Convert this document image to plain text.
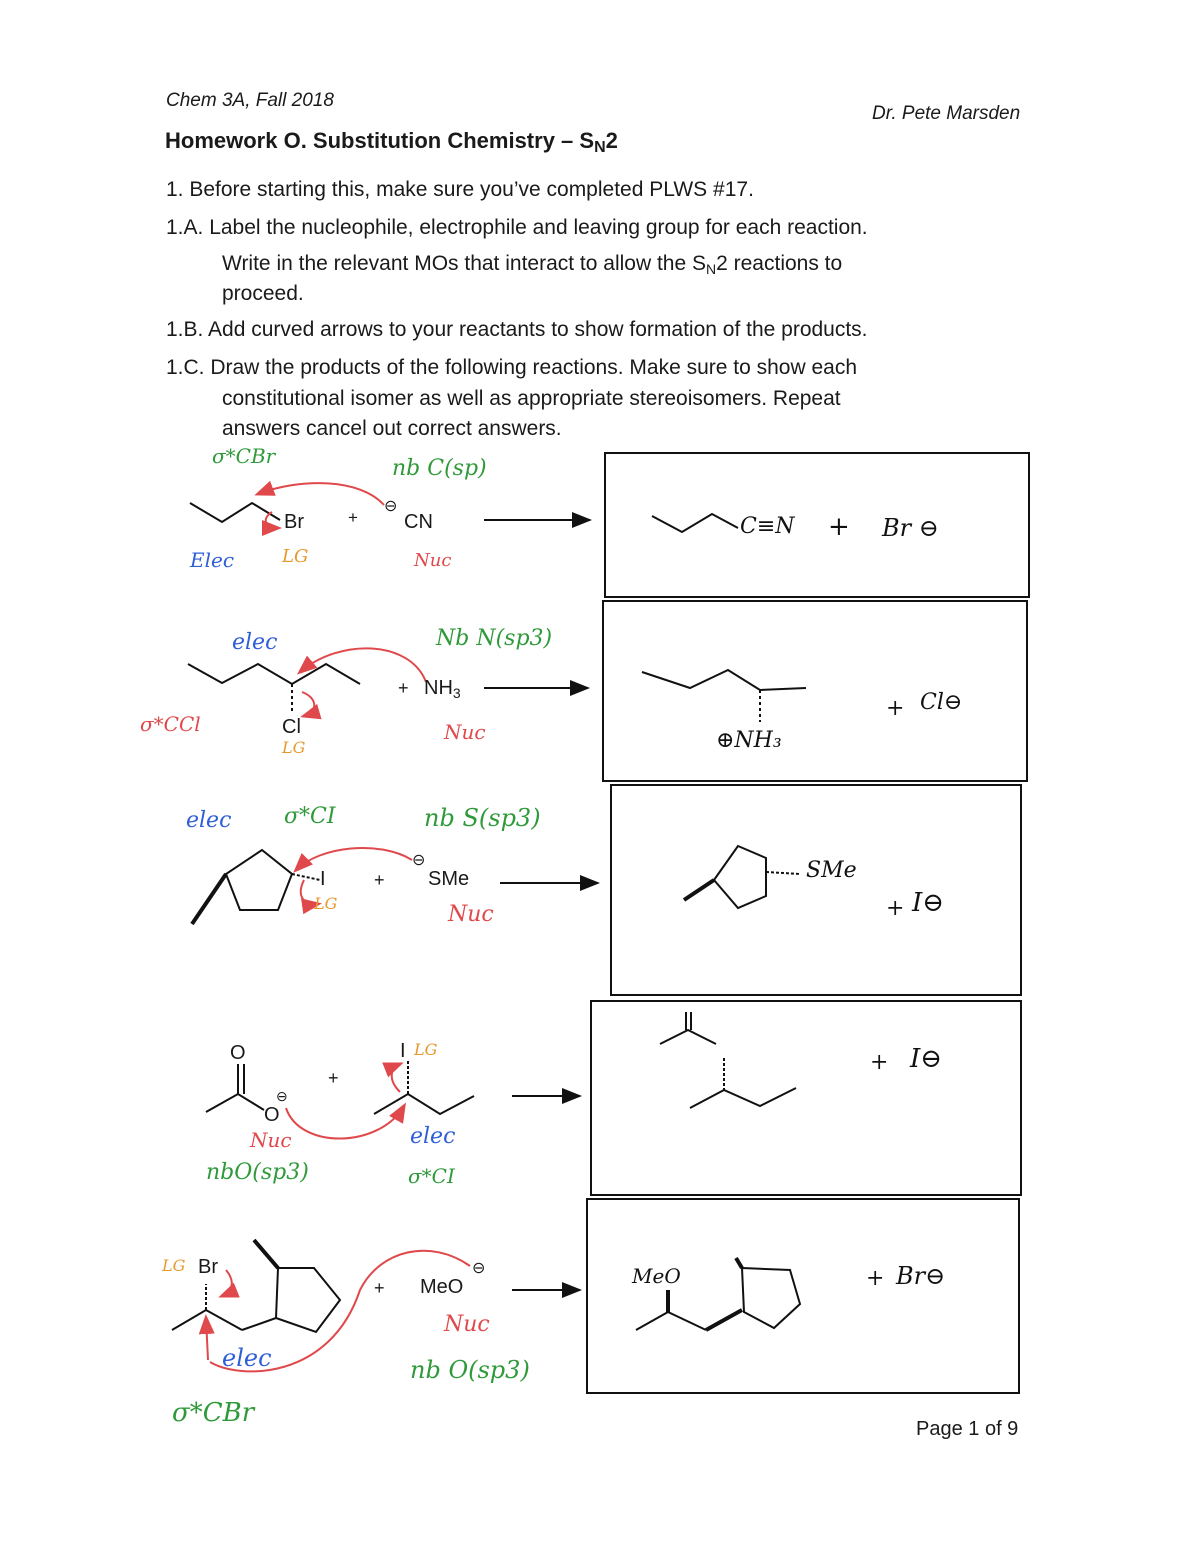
Chem 3A, Fall 2018
Dr. Pete Marsden
Homework O. Substitution Chemistry – $S_N2$
1. Before starting this, make sure you’ve completed PLWS #17.
1.A. Label the nucleophile, electrophile and leaving group for each reaction.
Write in the relevant MOs that interact to allow the $S_N2$ reactions to
proceed.
1.B. Add curved arrows to your reactants to show formation of the products.
1.C. Draw the products of the following reactions. Make sure to show each
constitutional isomer as well as appropriate stereoisomers. Repeat
answers cancel out correct answers.
σ*CBr	nb C(sp)
Br	+
⊖
CN
Elec	LG	Nuc
C≡N + Br ⊖
elec	Nb N(sp3)
σ*CCl	Cl
LG
+ $NH_3$
Nuc	⊕NH₃
+ Cl⊖
elec σ*CI	nb S(sp3)
I
LG
+
⊖
SMe
Nuc
SMe
+ I⊖
O
O
⊖
+
I LG
Nuc	elec
nbO(sp3)	σ*CI
+ I⊖
LG Br
+ MeO
⊖
Nuc
elec	nb O(sp3)
σ*CBr
MeO	+ Br⊖
Page 1 of 9
